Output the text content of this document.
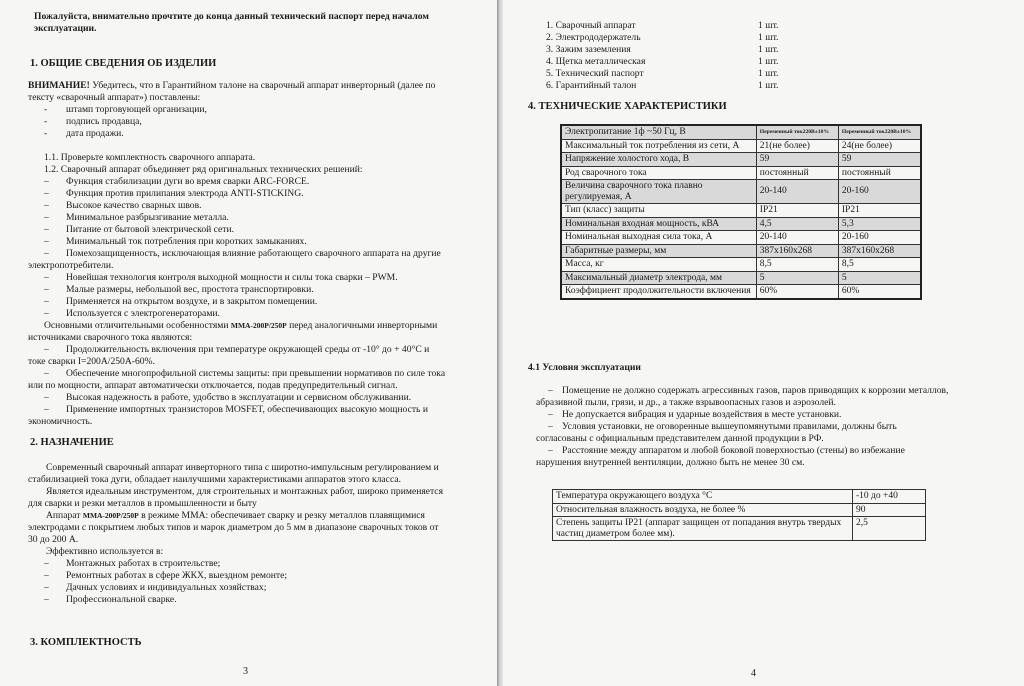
Пожалуйста, внимательно прочтите до конца данный технический паспорт перед началом
эксплуатации.
1. ОБЩИЕ СВЕДЕНИЯ ОБ ИЗДЕЛИИ
ВНИМАНИЕ! Убедитесь, что в Гарантийном талоне на сварочный аппарат инверторный (далее по
тексту «сварочный аппарат») поставлены:
- штамп торговующей организации,
- подпись продавца,
- дата продажи.
1.1. Проверьте комплектность сварочного аппарата.
1.2. Сварочный аппарат объединяет ряд оригинальных технических решений:
– Функция стабилизации дуги во время сварки ARC-FORCE.
– Функция против прилипания электрода ANTI-STICKING.
– Высокое качество сварных швов.
– Минимальное разбрызгивание металла.
– Питание от бытовой электрической сети.
– Минимальный ток потребления при коротких замыканиях.
– Помехозащищенность, исключающая влияние работающего сварочного аппарата на другие
электропотребители.
– Новейшая технология контроля выходной мощности и силы тока сварки – PWM.
– Малые размеры, небольшой вес, простота транспортировки.
– Применяется на открытом воздухе, и в закрытом помещении.
– Используется с электрогенераторами.
Основными отличительными особенностями ММА-200Р/250Р перед аналогичными инверторными
источниками сварочного тока являются:
– Продолжительность включения при температуре окружающей среды от -10° до + 40°С и
токе сварки I=200A/250A-60%.
– Обеспечение многопрофильной системы защиты: при превышении нормативов по силе тока
или по мощности, аппарат автоматически отключается, подав предупредительный сигнал.
– Высокая надежность в работе, удобство в эксплуатации и сервисном обслуживании.
– Применение импортных транзисторов MOSFET, обеспечивающих высокую мощность и
экономичность.
2. НАЗНАЧЕНИЕ
Современный сварочный аппарат инверторного типа с широтно-импульсным регулированием и
стабилизацией тока дуги, обладает наилучшими характеристиками аппаратов этого класса.
Является идеальным инструментом, для строительных и монтажных работ, широко применяется
для сварки и резки металлов в промышленности и быту
Аппарат ММА-200Р/250Р в режиме ММА: обеспечивает сварку и резку металлов плавящимися
электродами с покрытием любых типов и марок диаметром до 5 мм в диапазоне сварочных токов от
30 до 200 А.
Эффективно используется в:
– Монтажных работах в строительстве;
– Ремонтных работах в сфере ЖКХ, выездном ремонте;
– Дачных условиях и индивидуальных хозяйствах;
– Профессиональной сварке.
3. КОМПЛЕКТНОСТЬ
3
1. Сварочный аппарат	1 шт.
2. Электрододержатель	1 шт.
3. Зажим заземления	1 шт.
4. Щетка металлическая	1 шт.
5. Технический паспорт	1 шт.
6. Гарантийный талон	1 шт.
4. ТЕХНИЧЕСКИЕ ХАРАКТЕРИСТИКИ
Электропитание 1ф ~50 Гц, В	Переменный ток220В±10%	Переменный ток220В±10%
Максимальный ток потребления из сети, А	21(не более)	24(не более)
Напряжение холостого хода, В	59	59
Род сварочного тока	постоянный	постоянный
Величина сварочного тока плавно регулируемая, А	20-140	20-160
Тип (класс) защиты	IP21	IP21
Номинальная входная мощность, кВА	4,5	5,3
Номинальная выходная сила тока, А	20-140	20-160
Габаритные размеры, мм	387x160x268	387x160x268
Масса, кг	8,5	8,5
Максимальный диаметр электрода, мм	5	5
Коэффициент продолжительности включения	60%	60%
4.1 Условия эксплуатации
– Помещение не должно содержать агрессивных газов, паров приводящих к коррозии металлов,
абразивной пыли, грязи, и др., а также взрывоопасных газов и аэрозолей.
– Не допускается вибрация и ударные воздействия в месте установки.
– Условия установки, не оговоренные вышеупомянутыми правилами, должны быть
согласованы с официальным представителем данной продукции в РФ.
– Расстояние между аппаратом и любой боковой поверхностью (стены) во избежание
нарушения внутренней вентиляции, должно быть не менее 30 см.
Температура окружающего воздуха °С	-10 до +40
Относительная влажность воздуха, не более %	90
Степень защиты IP21 (аппарат защищен от попадания внутрь твердых частиц диаметром более мм).	2,5
4
